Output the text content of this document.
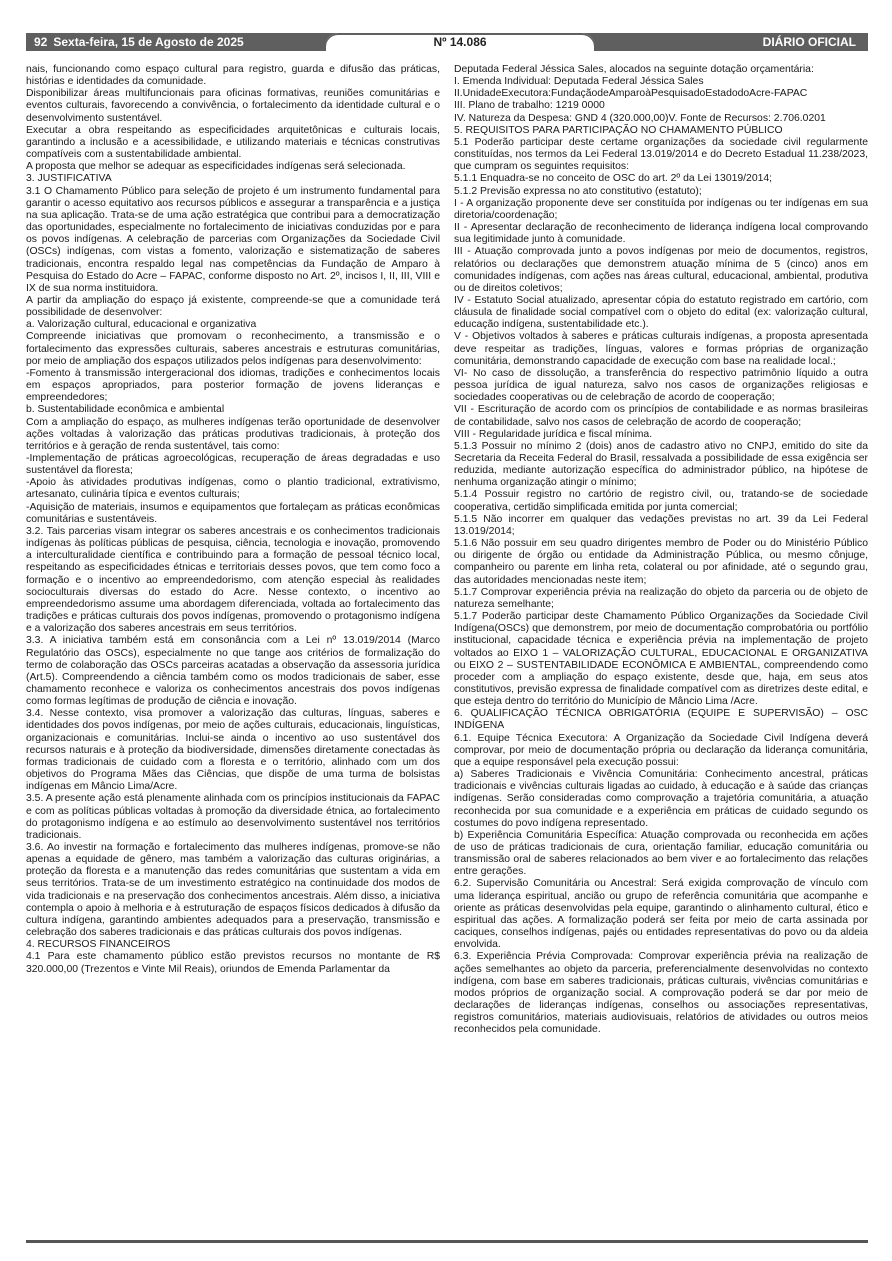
92 Sexta-feira, 15 de Agosto de 2025	Nº 14.086	DIÁRIO OFICIAL

nais, funcionando como espaço cultural para registro, guarda e difusão das práticas, histórias e identidades da comunidade.

Disponibilizar áreas multifuncionais para oficinas formativas, reuniões comunitárias e eventos culturais, favorecendo a convivência, o fortalecimento da identidade cultural e o desenvolvimento sustentável.

Executar a obra respeitando as especificidades arquitetônicas e culturais locais, garantindo a inclusão e a acessibilidade, e utilizando materiais e técnicas construtivas compatíveis com a sustentabilidade ambiental.

A proposta que melhor se adequar as especificidades indígenas será selecionada.

3. JUSTIFICATIVA

3.1 O Chamamento Público para seleção de projeto é um instrumento fundamental para garantir o acesso equitativo aos recursos públicos e assegurar a transparência e a justiça na sua aplicação. Trata-se de uma ação estratégica que contribui para a democratização das oportunidades, especialmente no fortalecimento de iniciativas conduzidas por e para os povos indígenas. A celebração de parcerias com Organizações da Sociedade Civil (OSCs) indígenas, com vistas a fomento, valorização e sistematização de saberes tradicionais, encontra respaldo legal nas competências da Fundação de Amparo à Pesquisa do Estado do Acre – FAPAC, conforme disposto no Art. 2º, incisos I, II, III, VIII e IX de sua norma instituidora.

A partir da ampliação do espaço já existente, compreende-se que a comunidade terá possibilidade de desenvolver:

a. Valorização cultural, educacional e organizativa

Compreende iniciativas que promovam o reconhecimento, a transmissão e o fortalecimento das expressões culturais, saberes ancestrais e estruturas comunitárias, por meio de ampliação dos espaços utilizados pelos indígenas para desenvolvimento:

-Fomento à transmissão intergeracional dos idiomas, tradições e conhecimentos locais em espaços apropriados, para posterior formação de jovens lideranças e empreendedores;

b. Sustentabilidade econômica e ambiental

Com a ampliação do espaço, as mulheres indígenas terão oportunidade de desenvolver ações voltadas à valorização das práticas produtivas tradicionais, à proteção dos territórios e à geração de renda sustentável, tais como:

-Implementação de práticas agroecológicas, recuperação de áreas degradadas e uso sustentável da floresta;

-Apoio às atividades produtivas indígenas, como o plantio tradicional, extrativismo, artesanato, culinária típica e eventos culturais;

-Aquisição de materiais, insumos e equipamentos que fortaleçam as práticas econômicas comunitárias e sustentáveis.

3.2. Tais parcerias visam integrar os saberes ancestrais e os conhecimentos tradicionais indígenas às políticas públicas de pesquisa, ciência, tecnologia e inovação, promovendo a interculturalidade científica e contribuindo para a formação de pessoal técnico local, respeitando as especificidades étnicas e territoriais desses povos, que tem como foco a formação e o incentivo ao empreendedorismo, com atenção especial às realidades socioculturais diversas do estado do Acre. Nesse contexto, o incentivo ao empreendedorismo assume uma abordagem diferenciada, voltada ao fortalecimento das tradições e práticas culturais dos povos indígenas, promovendo o protagonismo indígena e a valorização dos saberes ancestrais em seus territórios.

3.3. A iniciativa também está em consonância com a Lei nº 13.019/2014 (Marco Regulatório das OSCs), especialmente no que tange aos critérios de formalização do termo de colaboração das OSCs parceiras acatadas a observação da assessoria jurídica (Art.5). Compreendendo a ciência também como os modos tradicionais de saber, esse chamamento reconhece e valoriza os conhecimentos ancestrais dos povos indígenas como formas legítimas de produção de ciência e inovação.

3.4. Nesse contexto, visa promover a valorização das culturas, línguas, saberes e identidades dos povos indígenas, por meio de ações culturais, educacionais, linguísticas, organizacionais e comunitárias. Inclui-se ainda o incentivo ao uso sustentável dos recursos naturais e à proteção da biodiversidade, dimensões diretamente conectadas às formas tradicionais de cuidado com a floresta e o território, alinhado com um dos objetivos do Programa Mães das Ciências, que dispõe de uma turma de bolsistas indígenas em Mâncio Lima/Acre.

3.5. A presente ação está plenamente alinhada com os princípios institucionais da FAPAC e com as políticas públicas voltadas à promoção da diversidade étnica, ao fortalecimento do protagonismo indígena e ao estímulo ao desenvolvimento sustentável nos territórios tradicionais.

3.6. Ao investir na formação e fortalecimento das mulheres indígenas, promove-se não apenas a equidade de gênero, mas também a valorização das culturas originárias, a proteção da floresta e a manutenção das redes comunitárias que sustentam a vida em seus territórios. Trata-se de um investimento estratégico na continuidade dos modos de vida tradicionais e na preservação dos conhecimentos ancestrais. Além disso, a iniciativa contempla o apoio à melhoria e à estruturação de espaços físicos dedicados à difusão da cultura indígena, garantindo ambientes adequados para a preservação, transmissão e celebração dos saberes tradicionais e das práticas culturais dos povos indígenas.

4. RECURSOS FINANCEIROS

4.1 Para este chamamento público estão previstos recursos no montante de R$ 320.000,00 (Trezentos e Vinte Mil Reais), oriundos de Emenda Parlamentar da

Deputada Federal Jéssica Sales, alocados na seguinte dotação orçamentária:

I. Emenda Individual: Deputada Federal Jéssica Sales

II.UnidadeExecutora:FundaçãodeAmparoàPesquisadoEstadodoAcre-FAPAC

III. Plano de trabalho: 1219 0000

IV. Natureza da Despesa: GND 4 (320.000,00)V. Fonte de Recursos: 2.706.0201

5. REQUISITOS PARA PARTICIPAÇÃO NO CHAMAMENTO PÚBLICO

5.1 Poderão participar deste certame organizações da sociedade civil regularmente constituídas, nos termos da Lei Federal 13.019/2014 e do Decreto Estadual 11.238/2023, que cumpram os seguintes requisitos:

5.1.1 Enquadra-se no conceito de OSC do art. 2º da Lei 13019/2014;

5.1.2 Previsão expressa no ato constitutivo (estatuto);

I - A organização proponente deve ser constituída por indígenas ou ter indígenas em sua diretoria/coordenação;

II - Apresentar declaração de reconhecimento de liderança indígena local comprovando sua legitimidade junto à comunidade.

III - Atuação comprovada junto a povos indígenas por meio de documentos, registros, relatórios ou declarações que demonstrem atuação mínima de 5 (cinco) anos em comunidades indígenas, com ações nas áreas cultural, educacional, ambiental, produtiva ou de direitos coletivos;

IV - Estatuto Social atualizado, apresentar cópia do estatuto registrado em cartório, com cláusula de finalidade social compatível com o objeto do edital (ex: valorização cultural, educação indígena, sustentabilidade etc.).

V - Objetivos voltados à saberes e práticas culturais indígenas, a proposta apresentada deve respeitar as tradições, línguas, valores e formas próprias de organização comunitária, demonstrando capacidade de execução com base na realidade local.;

VI- No caso de dissolução, a transferência do respectivo patrimônio líquido a outra pessoa jurídica de igual natureza, salvo nos casos de organizações religiosas e sociedades cooperativas ou de celebração de acordo de cooperação;

VII - Escrituração de acordo com os princípios de contabilidade e as normas brasileiras de contabilidade, salvo nos casos de celebração de acordo de cooperação;

VIII - Regularidade jurídica e fiscal mínima.

5.1.3 Possuir no mínimo 2 (dois) anos de cadastro ativo no CNPJ, emitido do site da Secretaria da Receita Federal do Brasil, ressalvada a possibilidade de essa exigência ser reduzida, mediante autorização específica do administrador público, na hipótese de nenhuma organização atingir o mínimo;

5.1.4 Possuir registro no cartório de registro civil, ou, tratando-se de sociedade cooperativa, certidão simplificada emitida por junta comercial;

5.1.5 Não incorrer em qualquer das vedações previstas no art. 39 da Lei Federal 13.019/2014;

5.1.6 Não possuir em seu quadro dirigentes membro de Poder ou do Ministério Público ou dirigente de órgão ou entidade da Administração Pública, ou mesmo cônjuge, companheiro ou parente em linha reta, colateral ou por afinidade, até o segundo grau, das autoridades mencionadas neste item;

5.1.7 Comprovar experiência prévia na realização do objeto da parceria ou de objeto de natureza semelhante;

5.1.7 Poderão participar deste Chamamento Público Organizações da Sociedade Civil Indígena(OSCs) que demonstrem, por meio de documentação comprobatória ou portfólio institucional, capacidade técnica e experiência prévia na implementação de projeto voltados ao EIXO 1 – VALORIZAÇÃO CULTURAL, EDUCACIONAL E ORGANIZATIVA ou EIXO 2 – SUSTENTABILIDADE ECONÔMICA E AMBIENTAL, compreendendo como proceder com a ampliação do espaço existente, desde que, haja, em seus atos constitutivos, previsão expressa de finalidade compatível com as diretrizes deste edital, e que esteja dentro do território do Município de Mâncio Lima /Acre.

6. QUALIFICAÇÃO TÉCNICA OBRIGATÓRIA (EQUIPE E SUPERVISÃO) – OSC INDÍGENA

6.1. Equipe Técnica Executora: A Organização da Sociedade Civil Indígena deverá comprovar, por meio de documentação própria ou declaração da liderança comunitária, que a equipe responsável pela execução possui:

a) Saberes Tradicionais e Vivência Comunitária: Conhecimento ancestral, práticas tradicionais e vivências culturais ligadas ao cuidado, à educação e à saúde das crianças indígenas. Serão consideradas como comprovação a trajetória comunitária, a atuação reconhecida por sua comunidade e a experiência em práticas de cuidado segundo os costumes do povo indígena representado.

b) Experiência Comunitária Específica: Atuação comprovada ou reconhecida em ações de uso de práticas tradicionais de cura, orientação familiar, educação comunitária ou transmissão oral de saberes relacionados ao bem viver e ao fortalecimento das relações entre gerações.

6.2. Supervisão Comunitária ou Ancestral: Será exigida comprovação de vínculo com uma liderança espiritual, ancião ou grupo de referência comunitária que acompanhe e oriente as práticas desenvolvidas pela equipe, garantindo o alinhamento cultural, ético e espiritual das ações. A formalização poderá ser feita por meio de carta assinada por caciques, conselhos indígenas, pajés ou entidades representativas do povo ou da aldeia envolvida.

6.3. Experiência Prévia Comprovada: Comprovar experiência prévia na realização de ações semelhantes ao objeto da parceria, preferencialmente desenvolvidas no contexto indígena, com base em saberes tradicionais, práticas culturais, vivências comunitárias e modos próprios de organização social. A comprovação poderá se dar por meio de declarações de lideranças indígenas, conselhos ou associações representativas, registros comunitários, materiais audiovisuais, relatórios de atividades ou outros meios reconhecidos pela comunidade.
